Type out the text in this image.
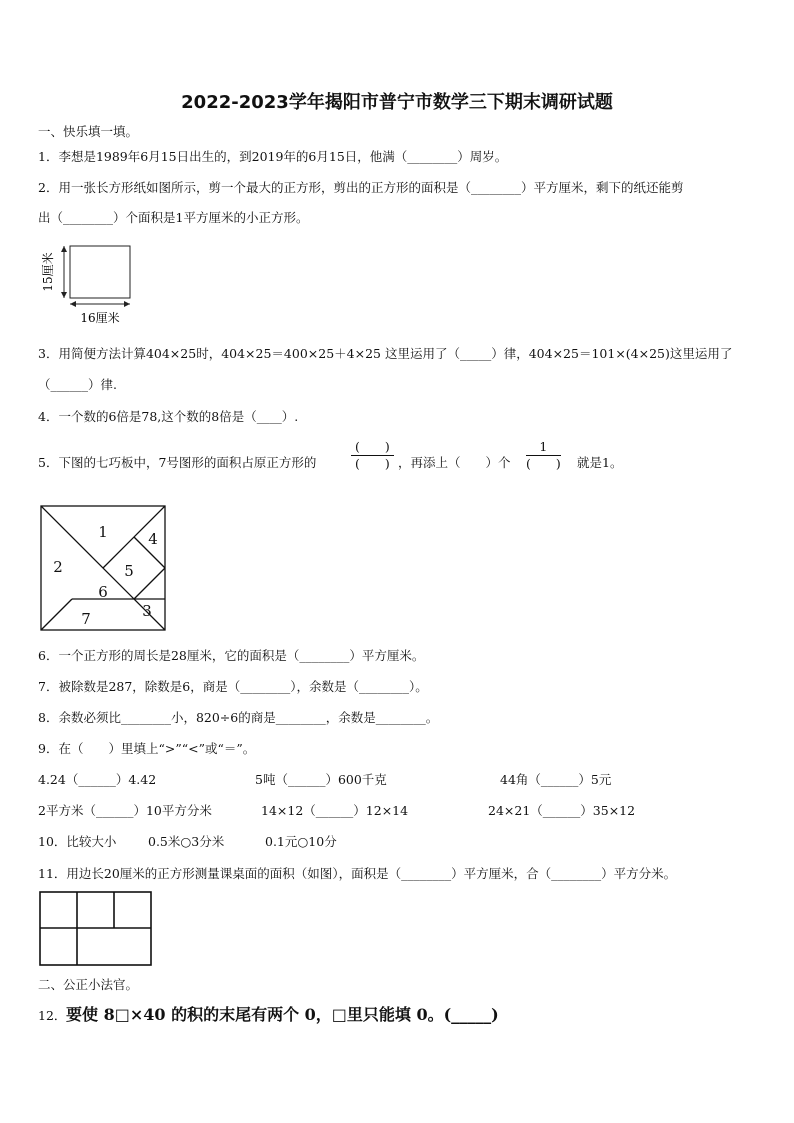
2022-2023学年揭阳市普宁市数学三下期末调研试题
一、快乐填一填。
1．李想是1989年6月15日出生的，到2019年的6月15日，他满（________）周岁。
2．用一张长方形纸如图所示，剪一个最大的正方形，剪出的正方形的面积是（________）平方厘米，剩下的纸还能剪
出（________）个面积是1平方厘米的小正方形。
15厘米
16厘米
3．用简便方法计算404×25时，404×25＝400×25＋4×25 这里运用了（_____）律，404×25＝101×(4×25)这里运用了
（______）律.
4．一个数的6倍是78,这个数的8倍是（____）.
5．下图的七巧板中，7号图形的面积占原正方形的
(　　)
(　　) ，再添上（　　）个
1
(　　) 就是1。
1
2
3
4
5
6
7
6．一个正方形的周长是28厘米，它的面积是（________）平方厘米。
7．被除数是287，除数是6，商是（________），余数是（________）。
8．余数必须比________小，820÷6的商是________，余数是________。
9．在（　　）里填上“>”“<”或“＝”。
4.24（______）4.42	5吨（______）600千克	44角（______）5元
2平方米（______）10平方分米	14×12（______）12×14	24×21（______）35×12
10．比较大小	0.5米○3分米	0.1元○10分
11．用边长20厘米的正方形测量课桌面的面积（如图），面积是（________）平方厘米，合（________）平方分米。
二、公正小法官。
12． 要使 8□×40 的积的末尾有两个 0，□里只能填 0。(_____)
